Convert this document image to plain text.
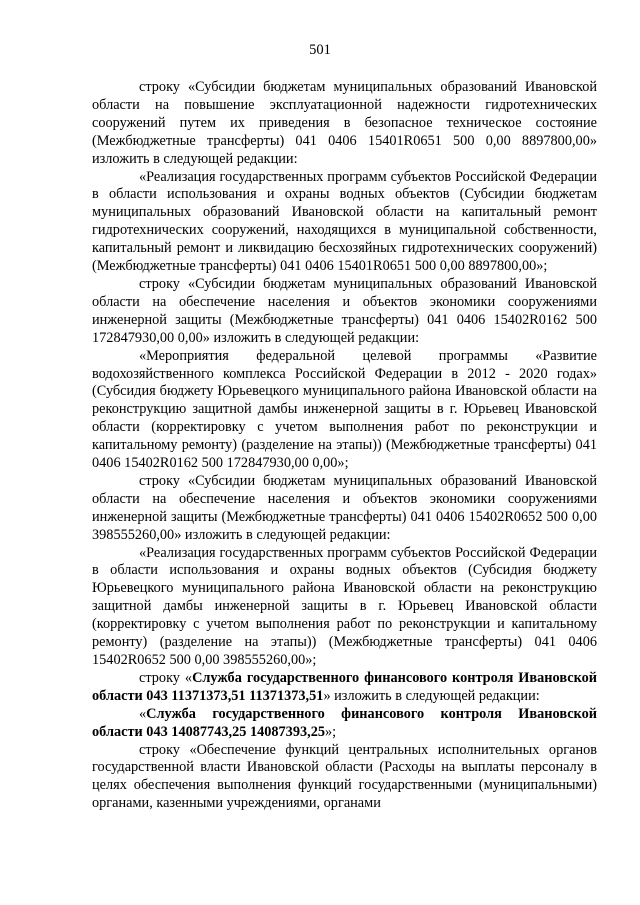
501

строку «Субсидии бюджетам муниципальных образований Ивановской области на повышение эксплуатационной надежности гидротехнических сооружений путем их приведения в безопасное техническое состояние (Межбюджетные трансферты) 041 0406 15401R0651 500 0,00 8897800,00» изложить в следующей редакции:

«Реализация государственных программ субъектов Российской Федерации в области использования и охраны водных объектов (Субсидии бюджетам муниципальных образований Ивановской области на капитальный ремонт гидротехнических сооружений, находящихся в муниципальной собственности, капитальный ремонт и ликвидацию бесхозяйных гидротехнических сооружений) (Межбюджетные трансферты) 041 0406 15401R0651 500 0,00 8897800,00»;

строку «Субсидии бюджетам муниципальных образований Ивановской области на обеспечение населения и объектов экономики сооружениями инженерной защиты (Межбюджетные трансферты) 041 0406 15402R0162 500 172847930,00 0,00» изложить в следующей редакции:

«Мероприятия федеральной целевой программы «Развитие водохозяйственного комплекса Российской Федерации в 2012 - 2020 годах» (Субсидия бюджету Юрьевецкого муниципального района Ивановской области на реконструкцию защитной дамбы инженерной защиты в г. Юрьевец Ивановской области (корректировку с учетом выполнения работ по реконструкции и капитальному ремонту) (разделение на этапы)) (Межбюджетные трансферты) 041 0406 15402R0162 500 172847930,00 0,00»;

строку «Субсидии бюджетам муниципальных образований Ивановской области на обеспечение населения и объектов экономики сооружениями инженерной защиты (Межбюджетные трансферты) 041 0406 15402R0652 500 0,00 398555260,00» изложить в следующей редакции:

«Реализация государственных программ субъектов Российской Федерации в области использования и охраны водных объектов (Субсидия бюджету Юрьевецкого муниципального района Ивановской области на реконструкцию защитной дамбы инженерной защиты в г. Юрьевец Ивановской области (корректировку с учетом выполнения работ по реконструкции и капитальному ремонту) (разделение на этапы)) (Межбюджетные трансферты) 041 0406 15402R0652 500 0,00 398555260,00»;

строку «Служба государственного финансового контроля Ивановской области 043 11371373,51 11371373,51» изложить в следующей редакции:

«Служба государственного финансового контроля Ивановской области 043 14087743,25 14087393,25»;

строку «Обеспечение функций центральных исполнительных органов государственной власти Ивановской области (Расходы на выплаты персоналу в целях обеспечения выполнения функций государственными (муниципальными) органами, казенными учреждениями, органами
